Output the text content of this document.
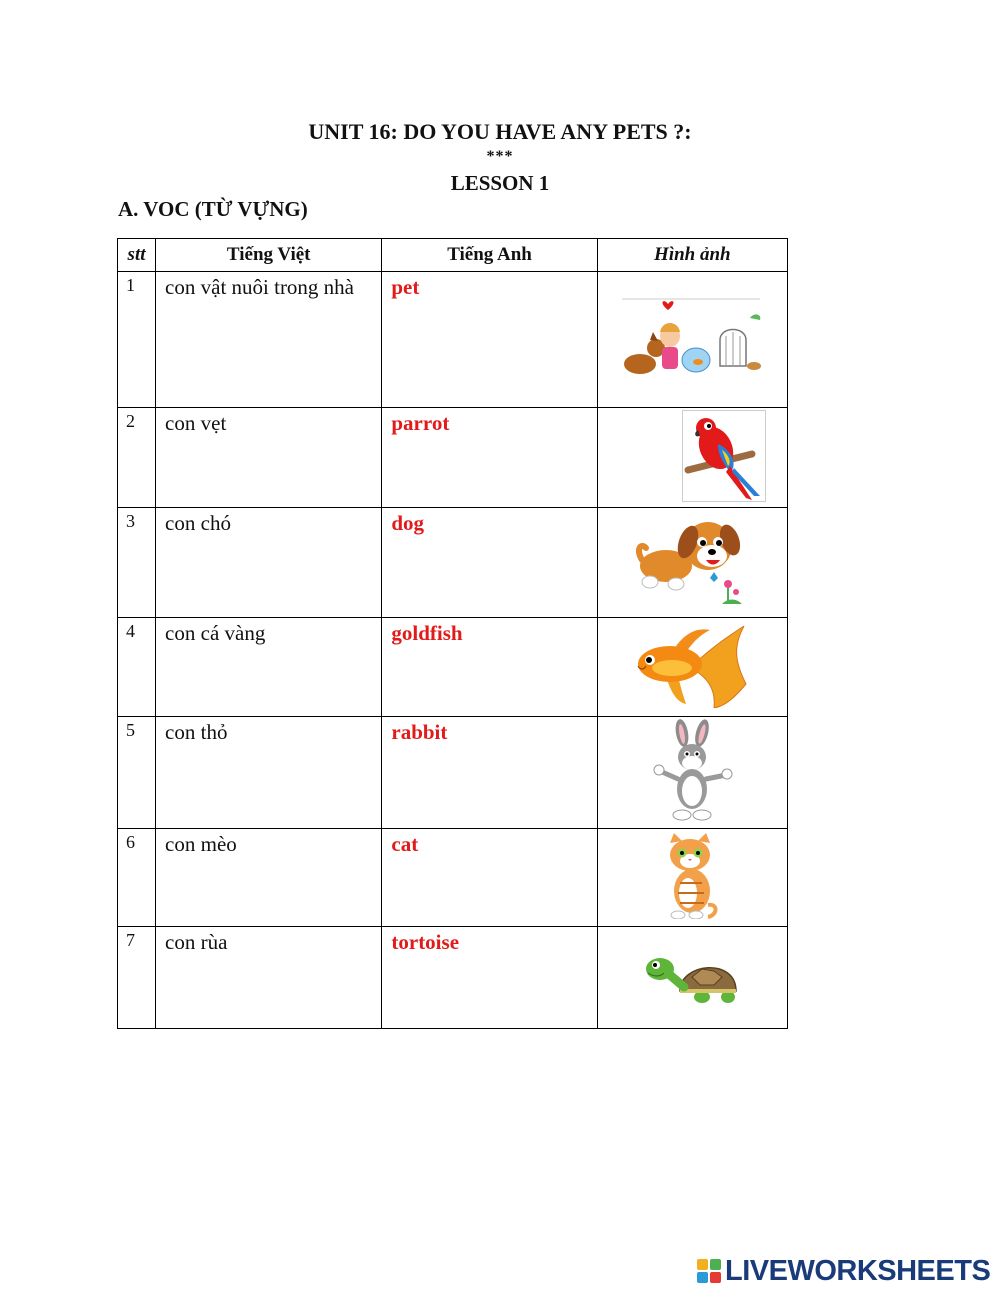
UNIT 16: DO YOU HAVE ANY PETS ?:
***
LESSON 1
A. VOC (TỪ VỰNG)
stt	Tiếng Việt	Tiếng Anh	Hình ảnh
1	con vật nuôi trong nhà	pet	

2	con vẹt	parrot	

3	con chó	dog	

4	con cá vàng	goldfish	

5	con thỏ	rabbit	

6	con mèo	cat	

7	con rùa	tortoise	
LIVEWORKSHEETS
